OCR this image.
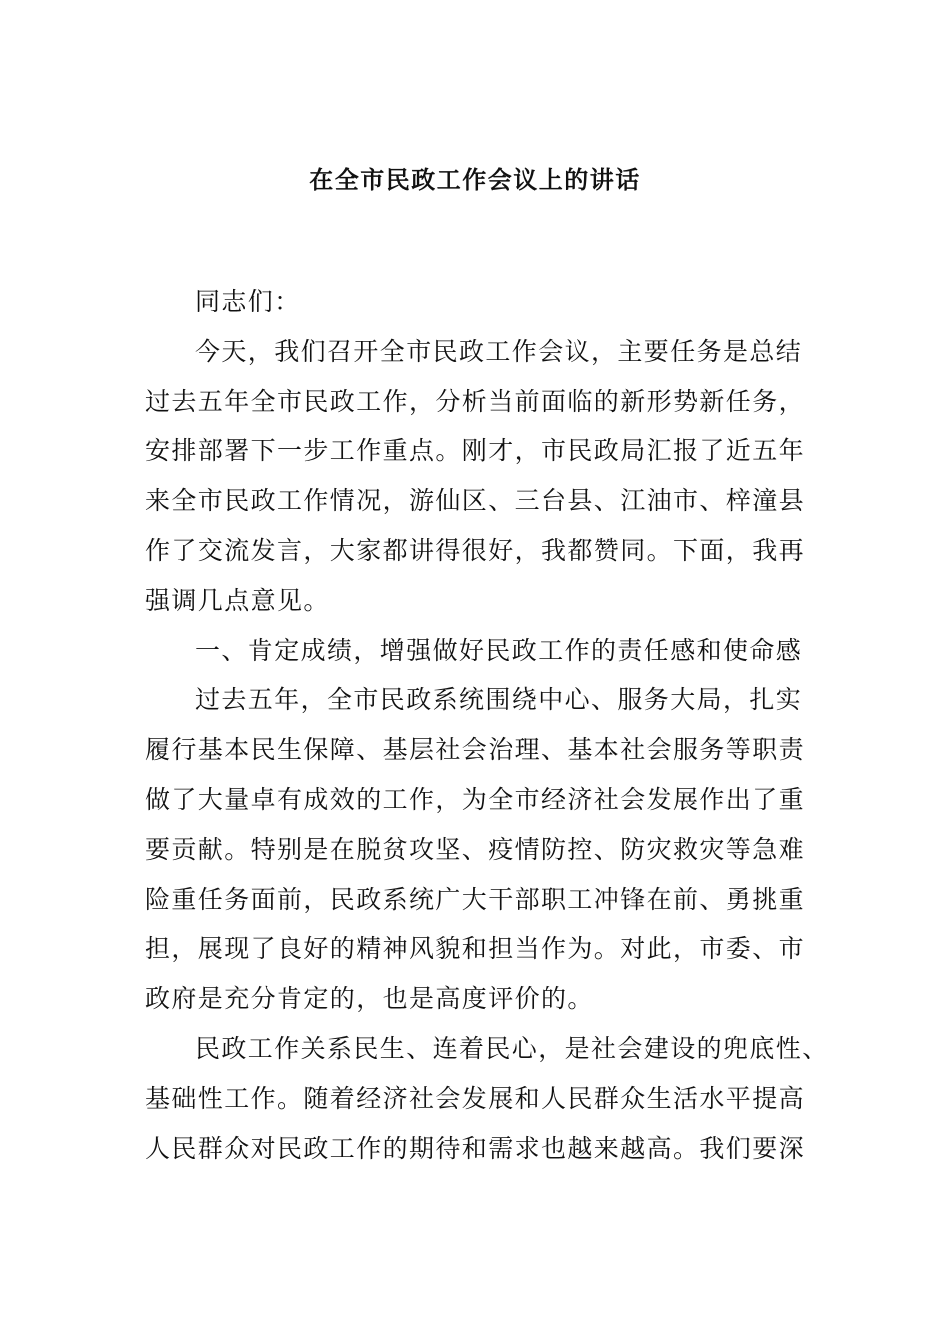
在全市民政工作会议上的讲话
同志们：
今天，我们召开全市民政工作会议，主要任务是总结
过去五年全市民政工作，分析当前面临的新形势新任务，
安排部署下一步工作重点。刚才，市民政局汇报了近五年
来全市民政工作情况，游仙区、三台县、江油市、梓潼县
作了交流发言，大家都讲得很好，我都赞同。下面，我再
强调几点意见。
一、肯定成绩，增强做好民政工作的责任感和使命感
过去五年，全市民政系统围绕中心、服务大局，扎实
履行基本民生保障、基层社会治理、基本社会服务等职责
做了大量卓有成效的工作，为全市经济社会发展作出了重
要贡献。特别是在脱贫攻坚、疫情防控、防灾救灾等急难
险重任务面前，民政系统广大干部职工冲锋在前、勇挑重
担，展现了良好的精神风貌和担当作为。对此，市委、市
政府是充分肯定的，也是高度评价的。
民政工作关系民生、连着民心，是社会建设的兜底性、
基础性工作。随着经济社会发展和人民群众生活水平提高
人民群众对民政工作的期待和需求也越来越高。我们要深
